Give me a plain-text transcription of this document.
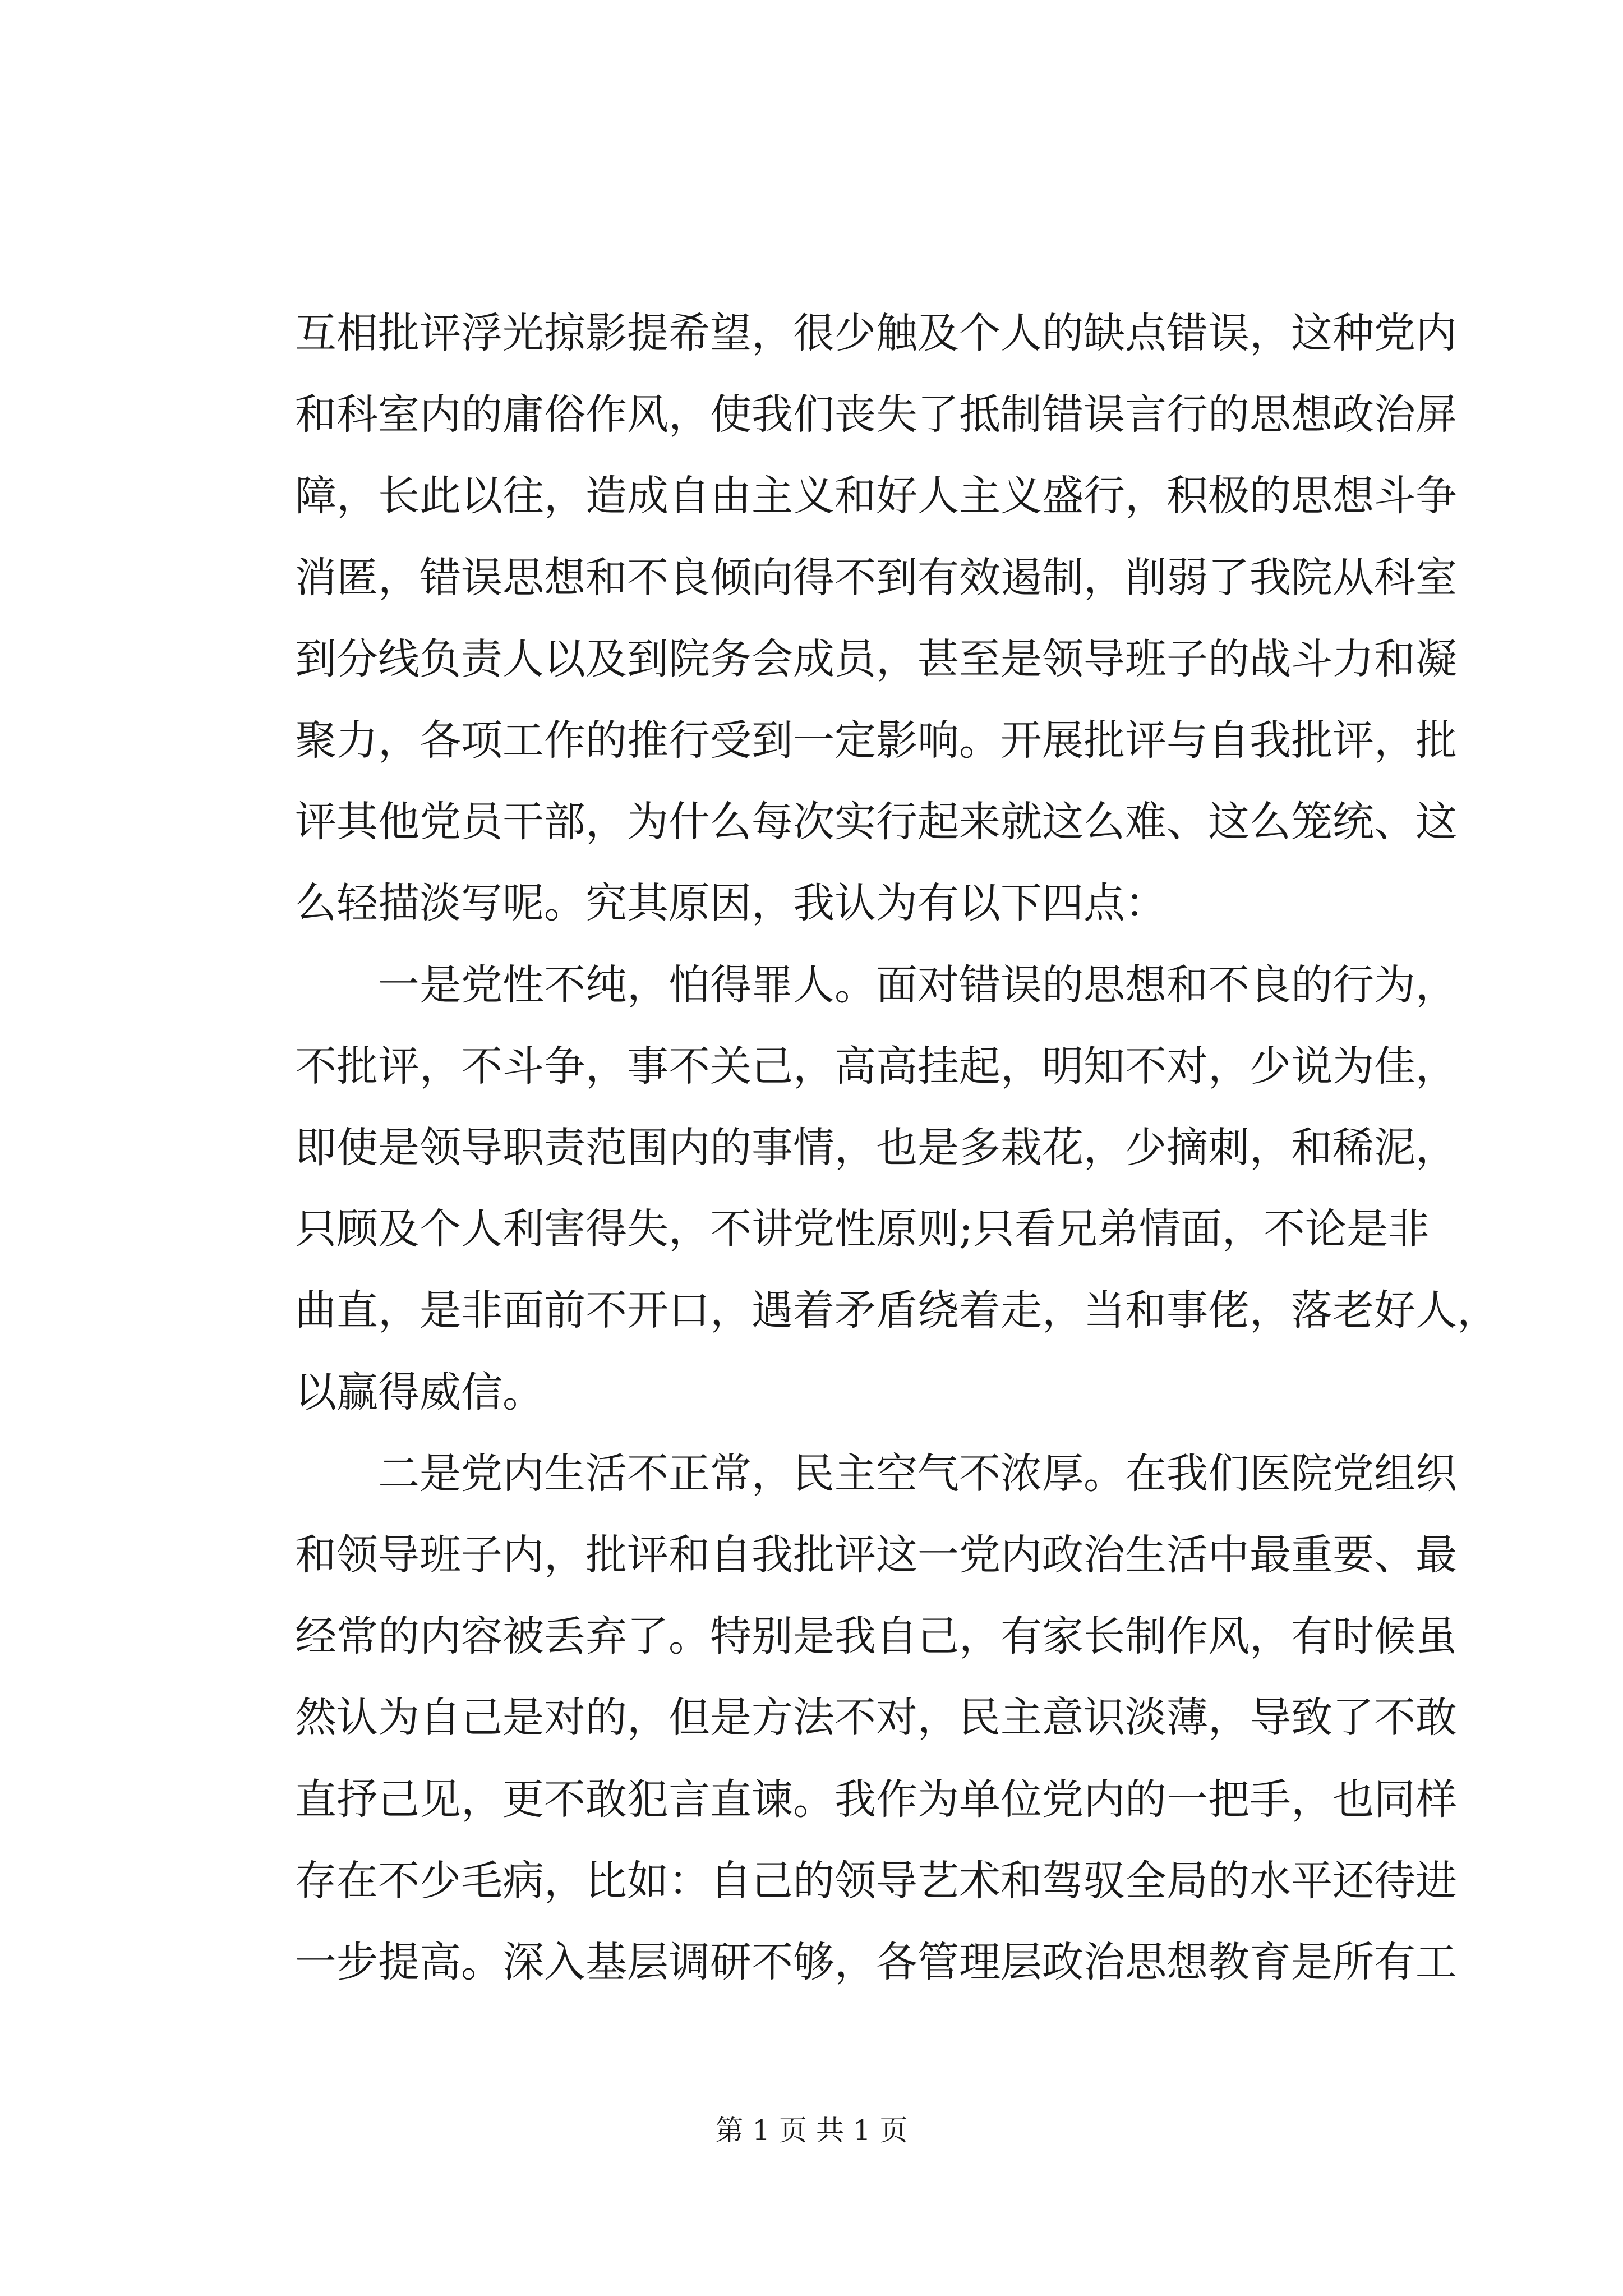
互相批评浮光掠影提希望，很少触及个人的缺点错误，这种党内

和科室内的庸俗作风，使我们丧失了抵制错误言行的思想政治屏

障，长此以往，造成自由主义和好人主义盛行，积极的思想斗争

消匿，错误思想和不良倾向得不到有效遏制，削弱了我院从科室

到分线负责人以及到院务会成员，甚至是领导班子的战斗力和凝

聚力，各项工作的推行受到一定影响。开展批评与自我批评，批

评其他党员干部，为什么每次实行起来就这么难、这么笼统、这

么轻描淡写呢。究其原因，我认为有以下四点：

一是党性不纯，怕得罪人。面对错误的思想和不良的行为，

不批评，不斗争，事不关己，高高挂起，明知不对，少说为佳，

即使是领导职责范围内的事情，也是多栽花，少摘刺，和稀泥，

只顾及个人利害得失，不讲党性原则;只看兄弟情面，不论是非

曲直，是非面前不开口，遇着矛盾绕着走，当和事佬，落老好人，

以赢得威信。

二是党内生活不正常，民主空气不浓厚。在我们医院党组织

和领导班子内，批评和自我批评这一党内政治生活中最重要、最

经常的内容被丢弃了。特别是我自己，有家长制作风，有时候虽

然认为自己是对的，但是方法不对，民主意识淡薄，导致了不敢

直抒己见，更不敢犯言直谏。我作为单位党内的一把手，也同样

存在不少毛病，比如：自己的领导艺术和驾驭全局的水平还待进

一步提高。深入基层调研不够，各管理层政治思想教育是所有工

第 1 页 共 1 页
